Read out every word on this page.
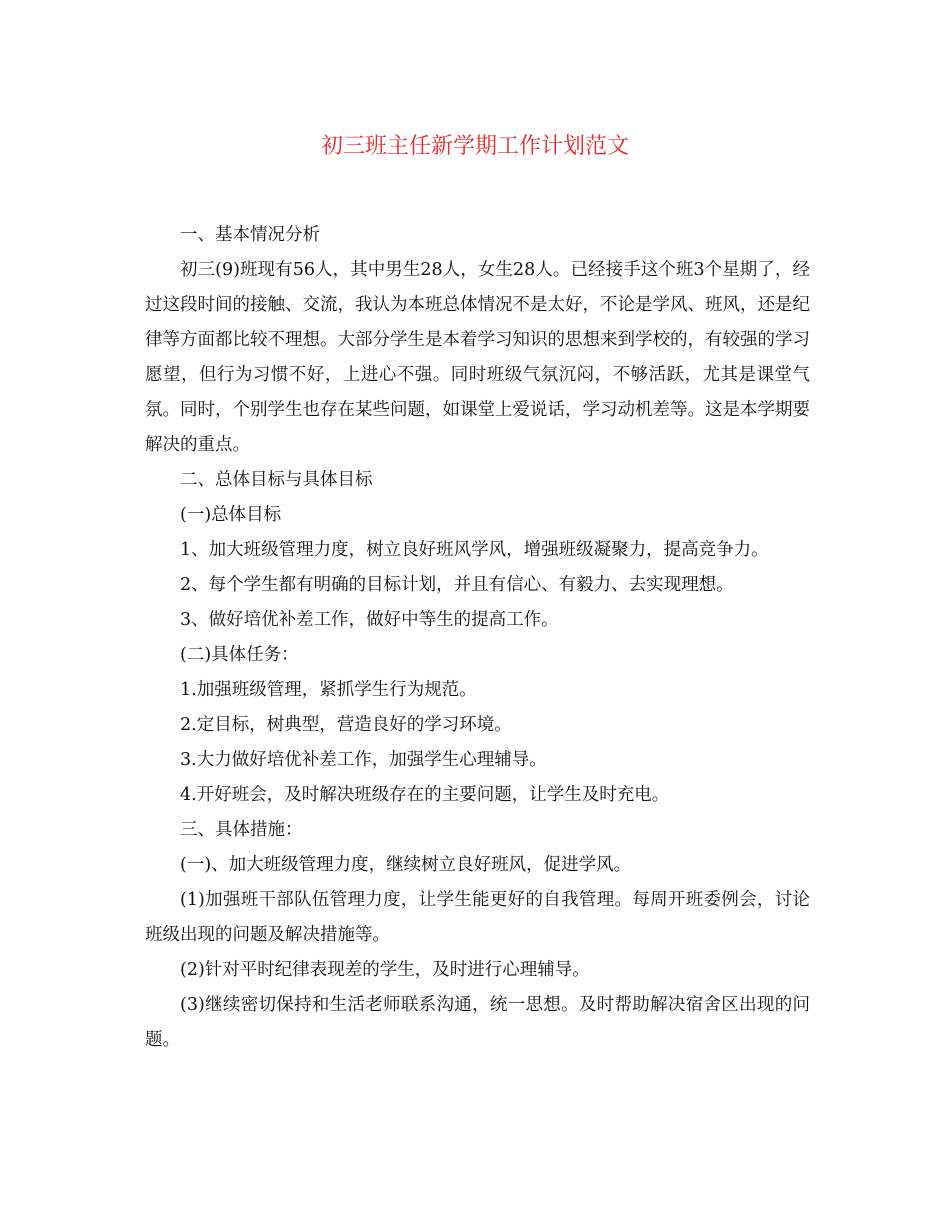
初三班主任新学期工作计划范文

一、基本情况分析

初三(9)班现有56人，其中男生28人，女生28人。已经接手这个班3个星期了，经过这段时间的接触、交流，我认为本班总体情况不是太好，不论是学风、班风，还是纪律等方面都比较不理想。大部分学生是本着学习知识的思想来到学校的，有较强的学习愿望，但行为习惯不好，上进心不强。同时班级气氛沉闷，不够活跃，尤其是课堂气氛。同时，个别学生也存在某些问题，如课堂上爱说话，学习动机差等。这是本学期要解决的重点。

二、总体目标与具体目标

(一)总体目标

1、加大班级管理力度，树立良好班风学风，增强班级凝聚力，提高竞争力。

2、每个学生都有明确的目标计划，并且有信心、有毅力、去实现理想。

3、做好培优补差工作，做好中等生的提高工作。

(二)具体任务：

1.加强班级管理，紧抓学生行为规范。

2.定目标，树典型，营造良好的学习环境。

3.大力做好培优补差工作，加强学生心理辅导。

4.开好班会，及时解决班级存在的主要问题，让学生及时充电。

三、具体措施：

(一)、加大班级管理力度，继续树立良好班风，促进学风。

(1)加强班干部队伍管理力度，让学生能更好的自我管理。每周开班委例会，讨论班级出现的问题及解决措施等。

(2)针对平时纪律表现差的学生，及时进行心理辅导。

(3)继续密切保持和生活老师联系沟通，统一思想。及时帮助解决宿舍区出现的问题。
